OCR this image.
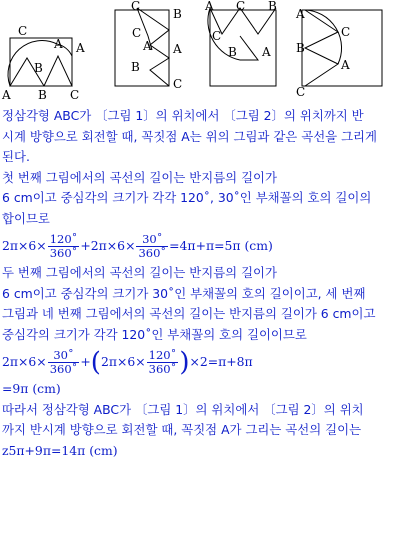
C
A A
B
A B C
C
B
C
A A
B
C
A C B
C
B A
A
B
C
A
C
정삼각형 ABC가 〔그림 1〕의 위치에서 〔그림 2〕의 위치까지 반
시계 방향으로 회전할 때, 꼭짓점 A는 위의 그림과 같은 곡선을 그리게
된다.
첫 번째 그림에서의 곡선의 길이는 반지름의 길이가
6 cm이고 중심각의 크기가 각각 120˚, 30˚인 부채꼴의 호의 길이의
합이므로
$2\pi\times 6\times \frac{120˚}{360˚} +2\pi\times 6\times \frac{30˚}{360˚} =4\pi+\pi=5\pi$ (cm)
두 번째 그림에서의 곡선의 길이는 반지름의 길이가
6 cm이고 중심각의 크기가 30˚인 부채꼴의 호의 길이이고, 세 번째
그림과 네 번째 그림에서의 곡선의 길이는 반지름의 길이가 6 cm이고
중심각의 크기가 각각 120˚인 부채꼴의 호의 길이이므로
$2\pi\times 6\times \frac{30˚}{360˚} +(2\pi\times 6\times \frac{120˚}{360˚} )\times 2=\pi+8\pi$
=9π (cm)
따라서 정삼각형 ABC가 〔그림 1〕의 위치에서 〔그림 2〕의 위치
까지 반시계 방향으로 회전할 때, 꼭짓점 A가 그리는 곡선의 길이는
z5π+9π=14π (cm)
